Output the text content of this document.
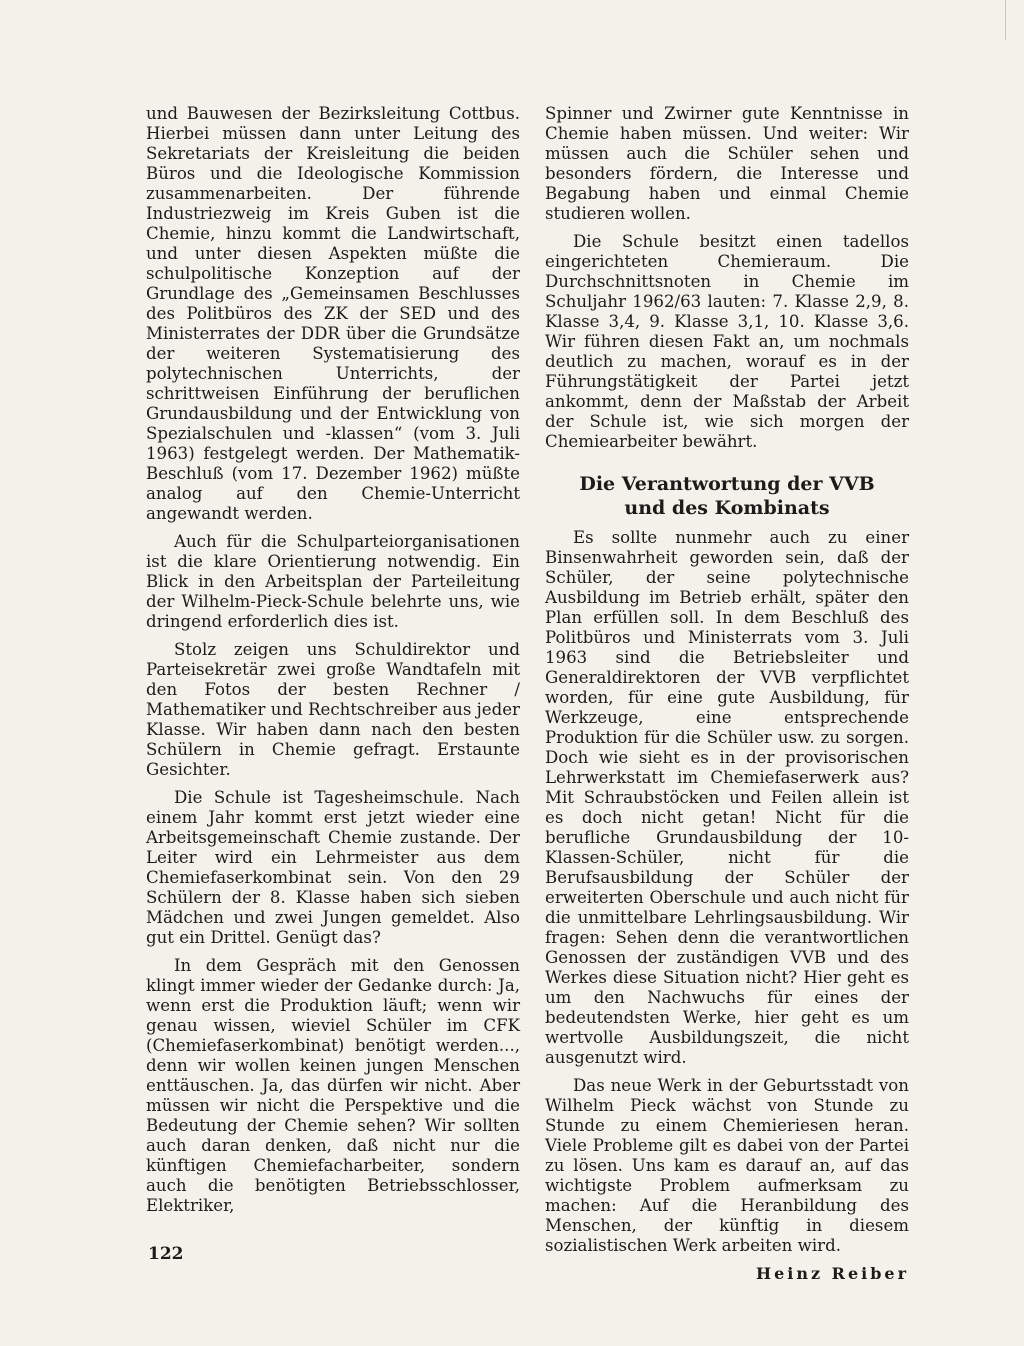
und Bauwesen der Bezirksleitung Cottbus. Hierbei müssen dann unter Leitung des Sekretariats der Kreisleitung die beiden Büros und die Ideologische Kommission zusammenarbeiten. Der führende Industriezweig im Kreis Guben ist die Chemie, hinzu kommt die Landwirtschaft, und unter diesen Aspekten müßte die schulpolitische Konzeption auf der Grundlage des „Gemeinsamen Beschlusses des Politbüros des ZK der SED und des Ministerrates der DDR über die Grundsätze der weiteren Systematisierung des polytechnischen Unterrichts, der schrittweisen Einführung der beruflichen Grundausbildung und der Entwicklung von Spezialschulen und -klassen“ (vom 3. Juli 1963) festgelegt werden. Der Mathematik-Beschluß (vom 17. Dezember 1962) müßte analog auf den Chemie-Unterricht angewandt werden.

Auch für die Schulparteiorganisationen ist die klare Orientierung notwendig. Ein Blick in den Arbeitsplan der Parteileitung der Wilhelm-Pieck-Schule belehrte uns, wie dringend erforderlich dies ist.

Stolz zeigen uns Schuldirektor und Parteisekretär zwei große Wandtafeln mit den Fotos der besten Rechner / Mathematiker und Rechtschreiber aus jeder Klasse. Wir haben dann nach den besten Schülern in Chemie gefragt. Erstaunte Gesichter.

Die Schule ist Tagesheimschule. Nach einem Jahr kommt erst jetzt wieder eine Arbeitsgemeinschaft Chemie zustande. Der Leiter wird ein Lehrmeister aus dem Chemiefaserkombinat sein. Von den 29 Schülern der 8. Klasse haben sich sieben Mädchen und zwei Jungen gemeldet. Also gut ein Drittel. Genügt das?

In dem Gespräch mit den Genossen klingt immer wieder der Gedanke durch: Ja, wenn erst die Produktion läuft; wenn wir genau wissen, wieviel Schüler im CFK (Chemiefaserkombinat) benötigt werden..., denn wir wollen keinen jungen Menschen enttäuschen. Ja, das dürfen wir nicht. Aber müssen wir nicht die Perspektive und die Bedeutung der Chemie sehen? Wir sollten auch daran denken, daß nicht nur die künftigen Chemiefacharbeiter, sondern auch die benötigten Betriebsschlosser, Elektriker,

Spinner und Zwirner gute Kenntnisse in Chemie haben müssen. Und weiter: Wir müssen auch die Schüler sehen und besonders fördern, die Interesse und Begabung haben und einmal Chemie studieren wollen.

Die Schule besitzt einen tadellos eingerichteten Chemieraum. Die Durchschnittsnoten in Chemie im Schuljahr 1962/63 lauten: 7. Klasse 2,9, 8. Klasse 3,4, 9. Klasse 3,1, 10. Klasse 3,6. Wir führen diesen Fakt an, um nochmals deutlich zu machen, worauf es in der Führungstätigkeit der Partei jetzt ankommt, denn der Maßstab der Arbeit der Schule ist, wie sich morgen der Chemiearbeiter bewährt.

Die Verantwortung der VVB
und des Kombinats

Es sollte nunmehr auch zu einer Binsenwahrheit geworden sein, daß der Schüler, der seine polytechnische Ausbildung im Betrieb erhält, später den Plan erfüllen soll. In dem Beschluß des Politbüros und Ministerrats vom 3. Juli 1963 sind die Betriebsleiter und Generaldirektoren der VVB verpflichtet worden, für eine gute Ausbildung, für Werkzeuge, eine entsprechende Produktion für die Schüler usw. zu sorgen. Doch wie sieht es in der provisorischen Lehrwerkstatt im Chemiefaserwerk aus? Mit Schraubstöcken und Feilen allein ist es doch nicht getan! Nicht für die berufliche Grundausbildung der 10-Klassen-Schüler, nicht für die Berufsausbildung der Schüler der erweiterten Oberschule und auch nicht für die unmittelbare Lehrlingsausbildung. Wir fragen: Sehen denn die verantwortlichen Genossen der zuständigen VVB und des Werkes diese Situation nicht? Hier geht es um den Nachwuchs für eines der bedeutendsten Werke, hier geht es um wertvolle Ausbildungszeit, die nicht ausgenutzt wird.

Das neue Werk in der Geburtsstadt von Wilhelm Pieck wächst von Stunde zu Stunde zu einem Chemieriesen heran. Viele Probleme gilt es dabei von der Partei zu lösen. Uns kam es darauf an, auf das wichtigste Problem aufmerksam zu machen: Auf die Heranbildung des Menschen, der künftig in diesem sozialistischen Werk arbeiten wird.

Heinz Reiber
122
